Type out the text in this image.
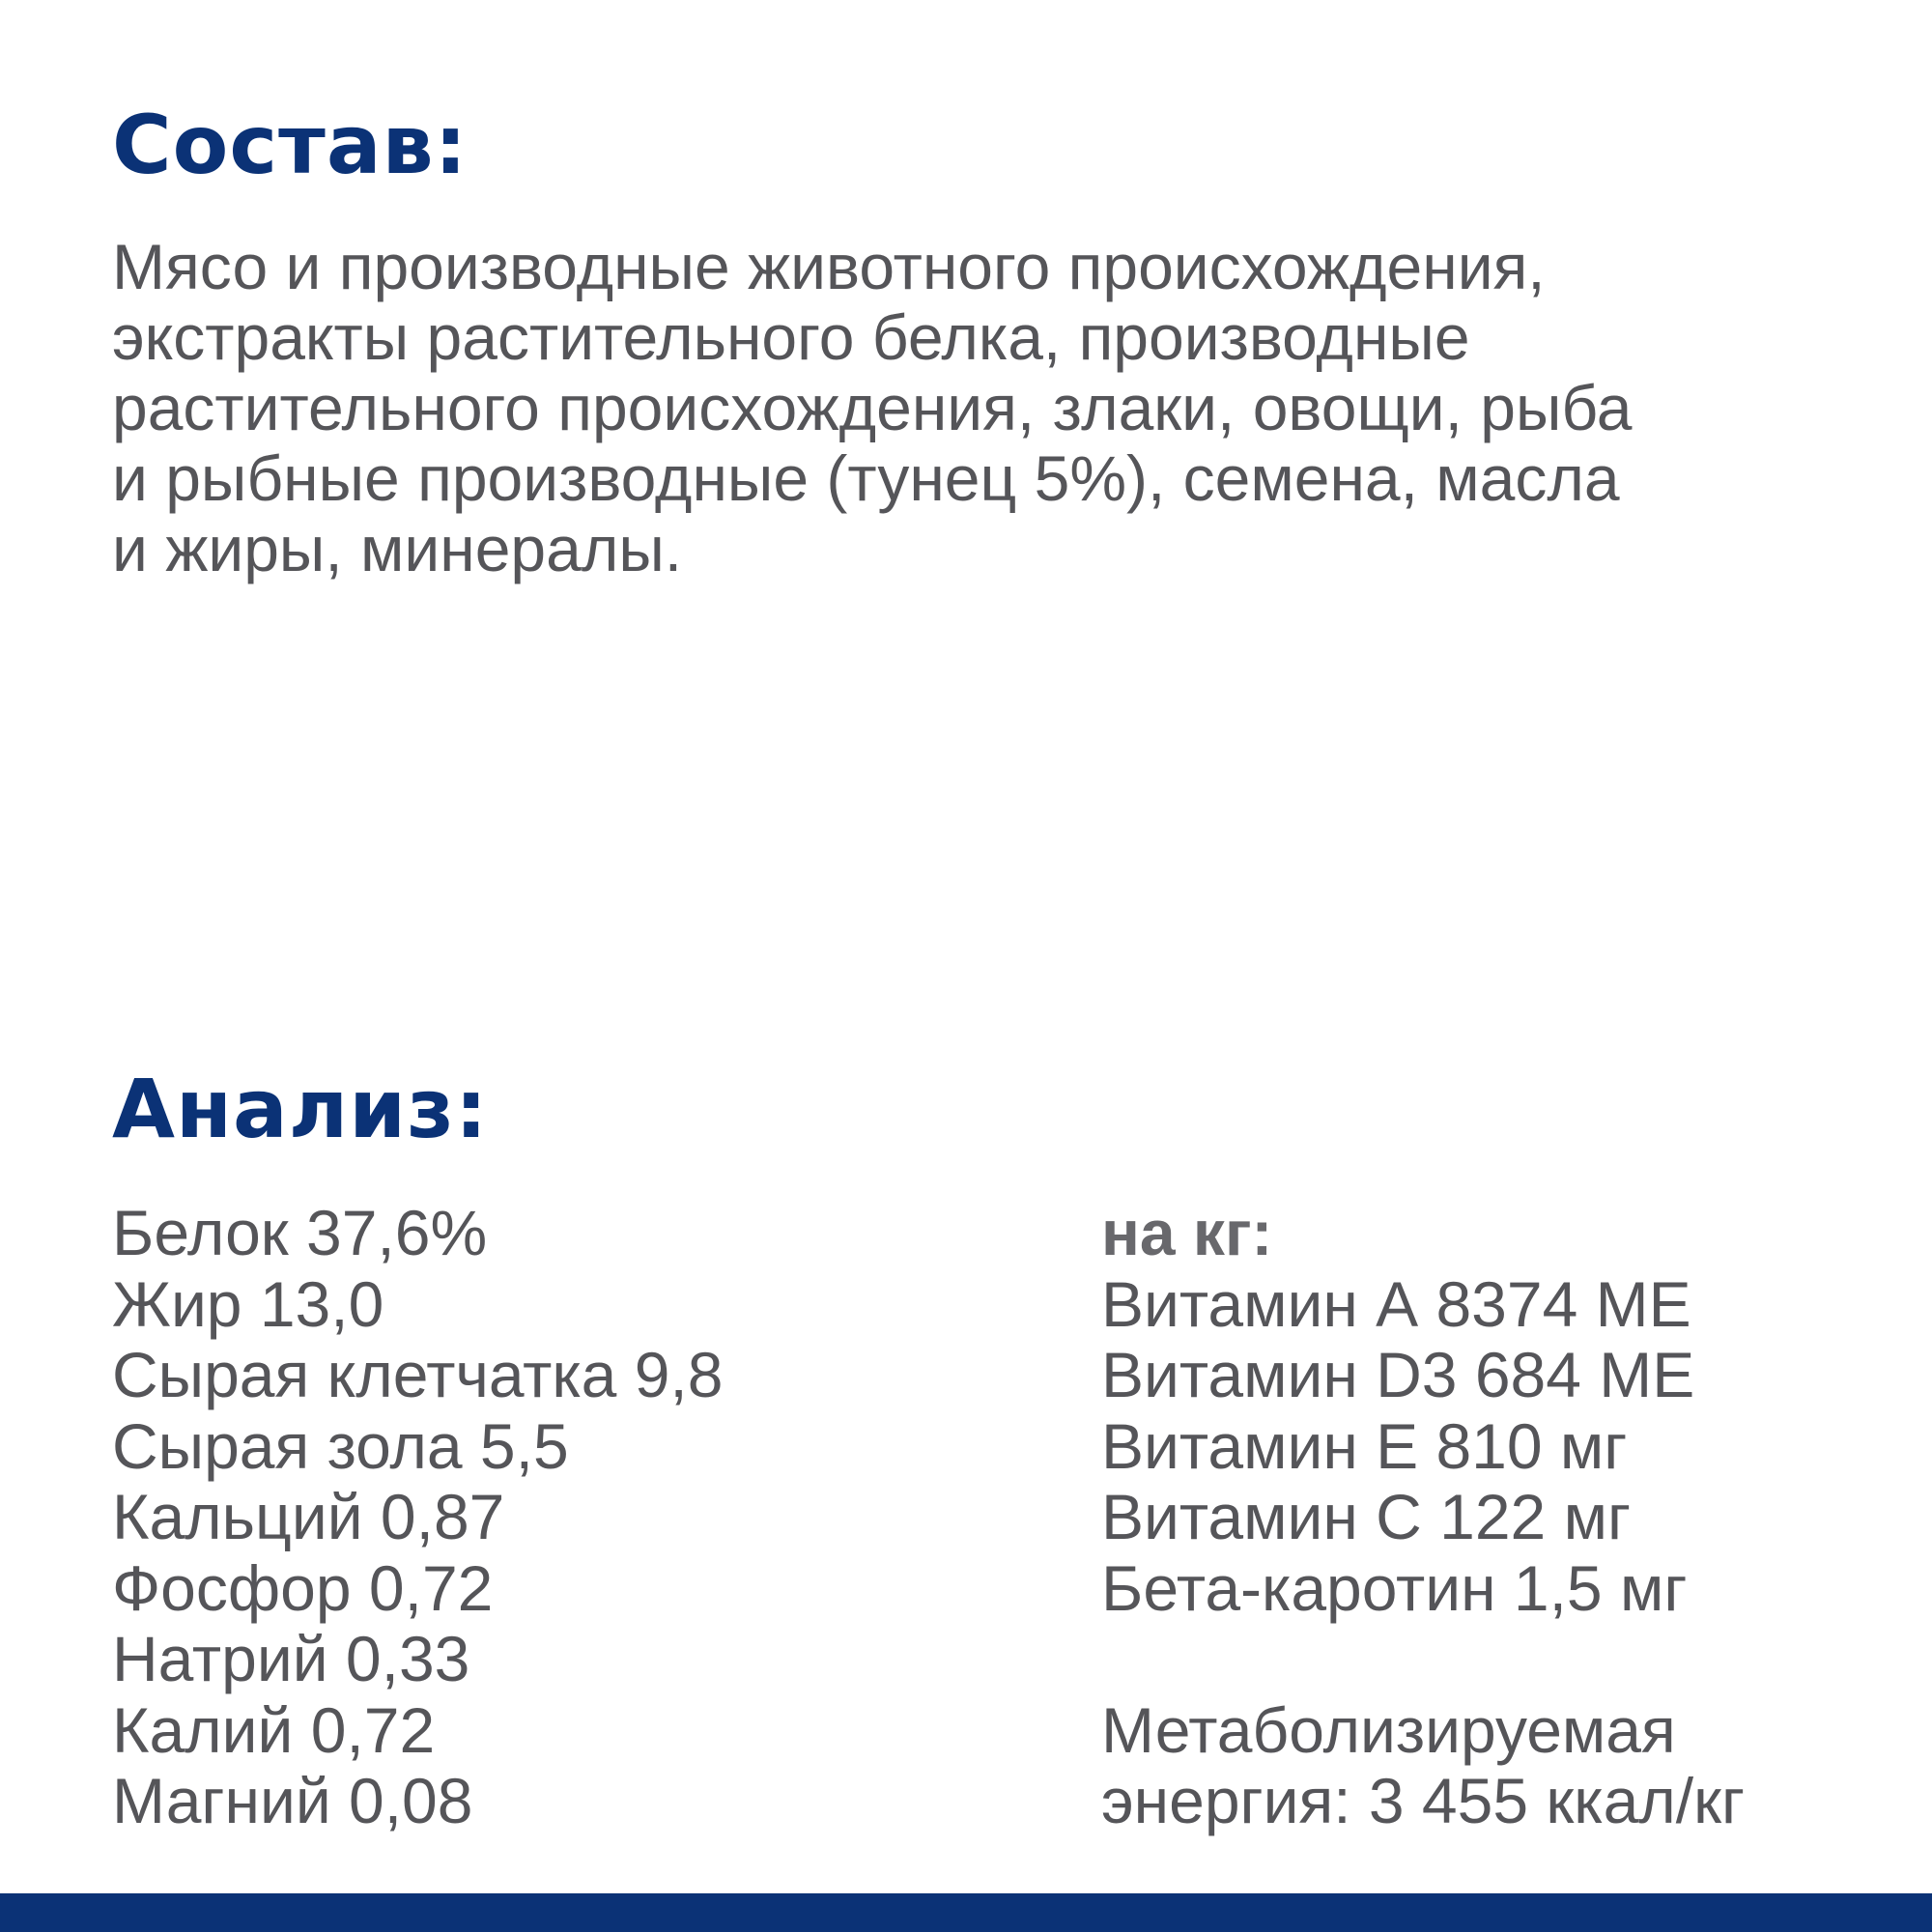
Состав:

Мясо и производные животного происхождения,
экстракты растительного белка, производные
растительного происхождения, злаки, овощи, рыба
и рыбные производные (тунец 5%), семена, масла
и жиры, минералы.

Анализ:
Белок 37,6%
Жир 13,0
Сырая клетчатка 9,8
Сырая зола 5,5
Кальций 0,87
Фосфор 0,72
Натрий 0,33
Калий 0,72
Магний 0,08
на кг:
Витамин А 8374 МЕ
Витамин D3 684 МЕ
Витамин Е 810 мг
Витамин С 122 мг
Бета-каротин 1,5 мг
Метаболизируемая
энергия: 3 455 ккал/кг
